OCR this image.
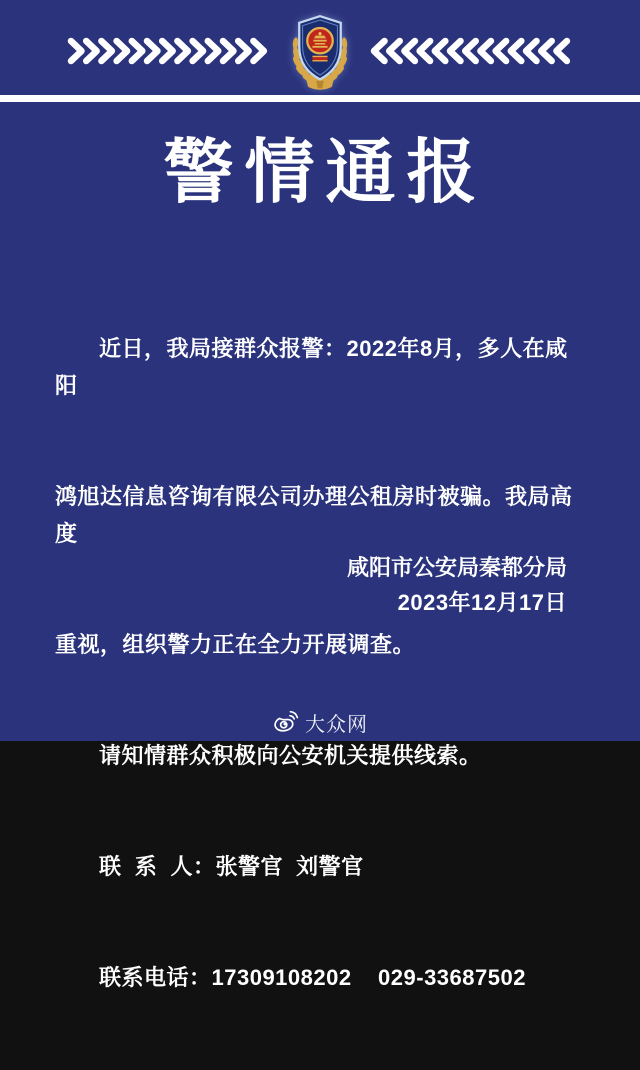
警情通报

近日，我局接群众报警：2022年8月，多人在咸阳

鸿旭达信息咨询有限公司办理公租房时被骗。我局高度

重视，组织警力正在全力开展调查。

请知情群众积极向公安机关提供线索。

联  系  人：张警官  刘警官

联系电话：17309108202    029-33687502

咸阳市公安局秦都分局
2023年12月17日
大众网
